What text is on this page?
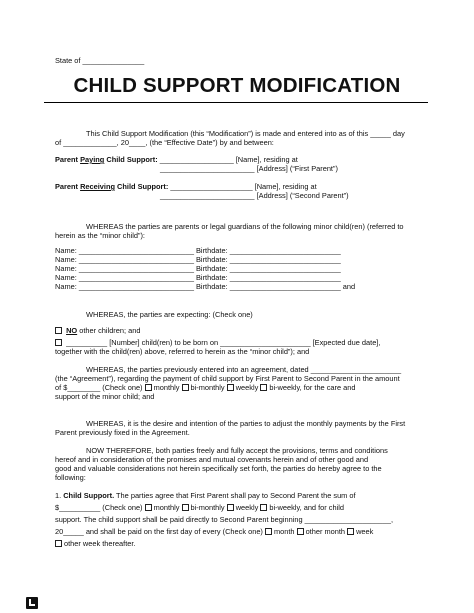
State of _______________
CHILD SUPPORT MODIFICATION
This Child Support Modification (this “Modification”) is made and entered into as of this _____ day
of _____________, 20____, (the “Effective Date”) by and between:
Parent Paying Child Support: __________________ [Name], residing at
_______________________ [Address] (“First Parent”)
Parent Receiving Child Support: ____________________ [Name], residing at
_______________________ [Address] (“Second Parent”)
WHEREAS the parties are parents or legal guardians of the following minor child(ren) (referred to
herein as the “minor child”):
Name: ____________________________ Birthdate: ___________________________
Name: ____________________________ Birthdate: ___________________________
Name: ____________________________ Birthdate: ___________________________
Name: ____________________________ Birthdate: ___________________________
Name: ____________________________ Birthdate: ___________________________ and
WHEREAS, the parties are expecting: (Check one)
NO other children; and
__________ [Number] child(ren) to be born on ______________________ [Expected due date],
together with the child(ren) above, referred to herein as the “minor child”); and
WHEREAS, the parties previously entered into an agreement, dated ______________________
(the “Agreement”), regarding the payment of child support by First Parent to Second Parent in the amount
of $________ (Check one) monthly bi-monthly weekly bi-weekly, for the care and
support of the minor child; and
WHEREAS, it is the desire and intention of the parties to adjust the monthly payments by the First
Parent previously fixed in the Agreement.
NOW THEREFORE, both parties freely and fully accept the provisions, terms and conditions
hereof and in consideration of the promises and mutual covenants herein and of other good and
good and valuable considerations not herein specifically set forth, the parties do hereby agree to the
following:
1. Child Support. The parties agree that First Parent shall pay to Second Parent the sum of
$__________ (Check one) monthly bi-monthly weekly bi-weekly, and for child
support. The child support shall be paid directly to Second Parent beginning _____________________,
20_____ and shall be paid on the first day of every (Check one) month other month week
other week thereafter.
